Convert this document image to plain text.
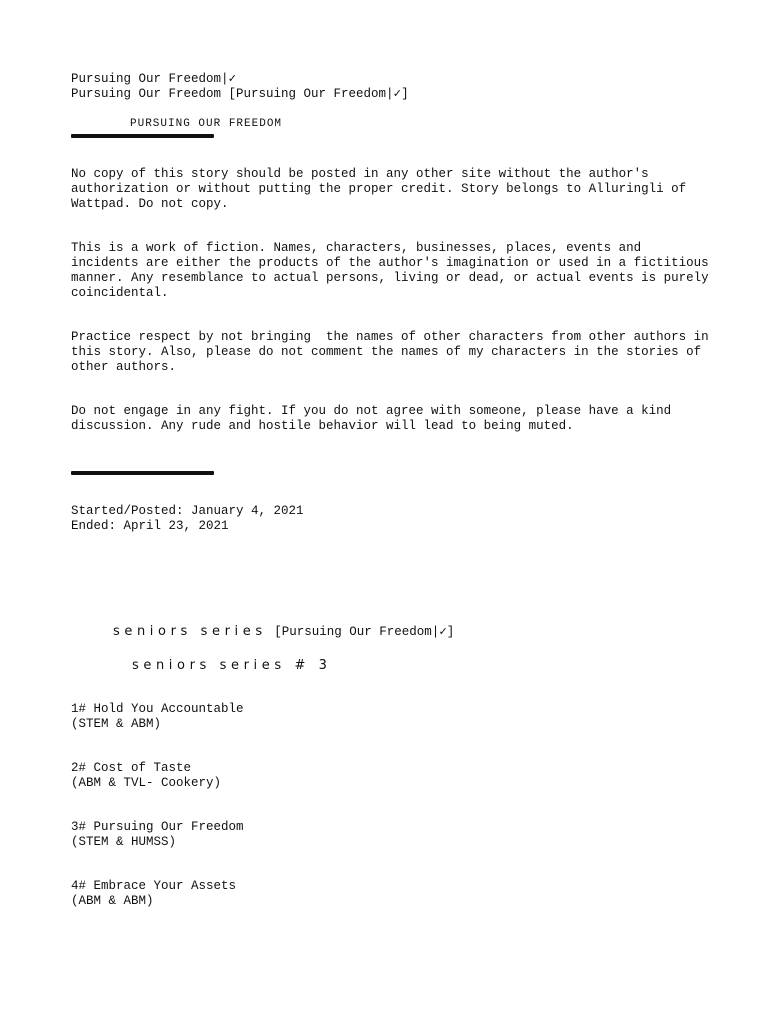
Pursuing Our Freedom|✓
Pursuing Our Freedom [Pursuing Our Freedom|✓]
PURSUING OUR FREEDOM
No copy of this story should be posted in any other site without the author's authorization or without putting the proper credit. Story belongs to Alluringli of Wattpad. Do not copy.
This is a work of fiction. Names, characters, businesses, places, events and incidents are either the products of the author's imagination or used in a fictitious manner. Any resemblance to actual persons, living or dead, or actual events is purely coincidental.
Practice respect by not bringing  the names of other characters from other authors in this story. Also, please do not comment the names of my characters in the stories of other authors.
Do not engage in any fight. If you do not agree with someone, please have a kind discussion. Any rude and hostile behavior will lead to being muted.
Started/Posted: January 4, 2021
Ended: April 23, 2021
seniors series [Pursuing Our Freedom|✓]
seniors series # 3
1# Hold You Accountable
(STEM & ABM)
2# Cost of Taste
(ABM & TVL- Cookery)
3# Pursuing Our Freedom
(STEM & HUMSS)
4# Embrace Your Assets
(ABM & ABM)
